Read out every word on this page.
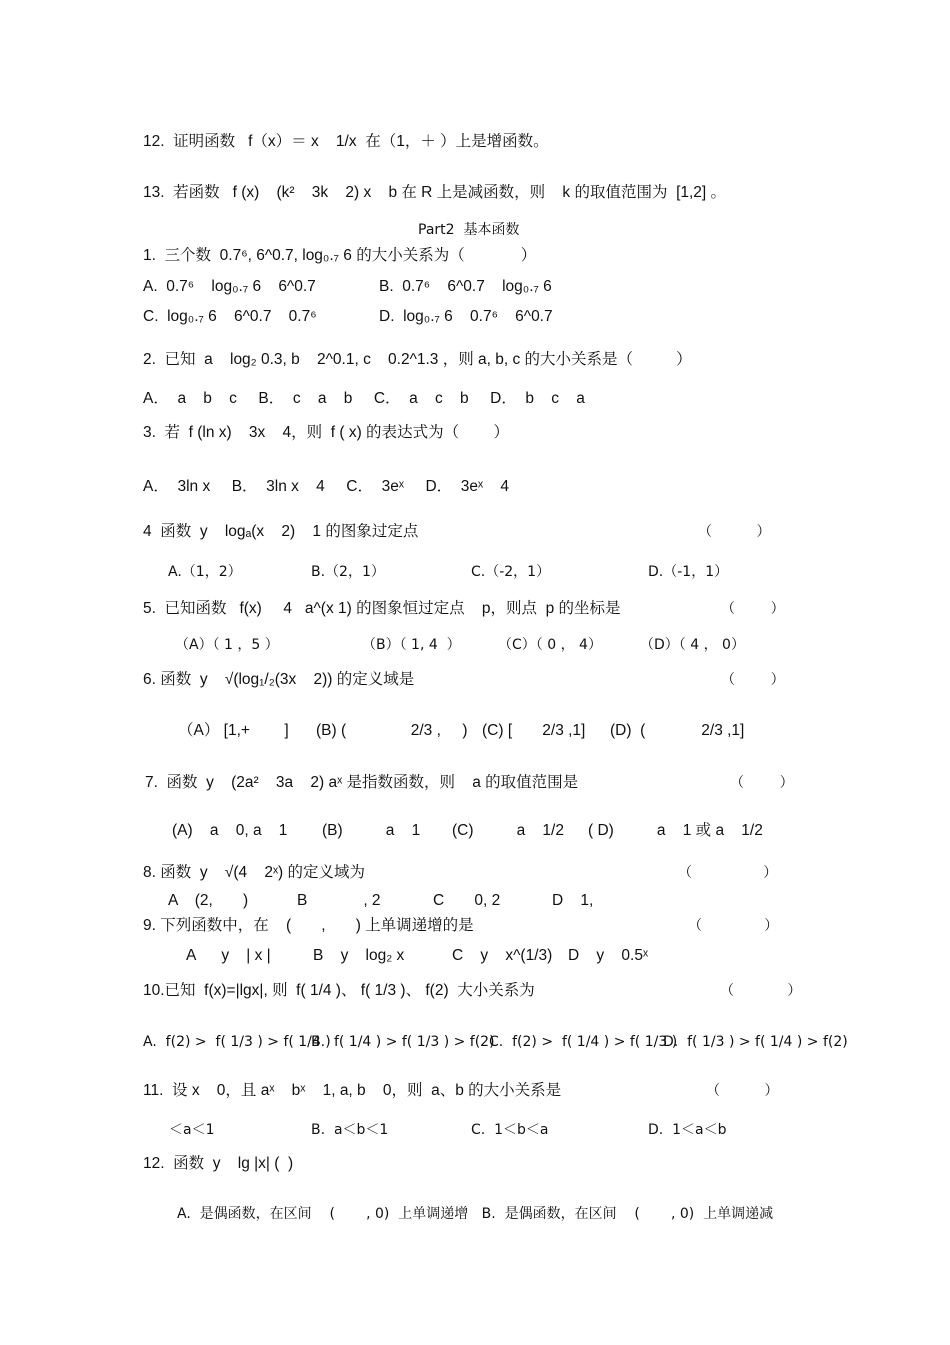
12.  证明函数   f（x）＝ x    1/x  在（1，＋ ）上是增函数。
13.  若函数   f (x)    (k²    3k    2) x    b 在 R 上是减函数，则    k 的取值范围为  [1,2] 。
Part2  基本函数
1.  三个数  0.7⁶, 6^0.7, log₀.₇ 6 的大小关系为（             ）
A.  0.7⁶    log₀.₇ 6    6^0.7	B.  0.7⁶    6^0.7    log₀.₇ 6
C.  log₀.₇ 6    6^0.7    0.7⁶	D.  log₀.₇ 6    0.7⁶    6^0.7
2.  已知  a    log₂ 0.3, b    2^0.1, c    0.2^1.3 ，则 a, b, c 的大小关系是（          ）
A．  a    b    c     B．  c    a    b     C．  a    c    b     D．  b    c    a
3.  若  f (ln x)    3x    4，则  f ( x) 的表达式为（        ）
A．  3ln x     B．  3ln x    4     C．  3eˣ     D．  3eˣ    4
4  函数  y    logₐ(x    2)    1 的图象过定点	（          ）
A.（1，2）	B.（2，1）	C.（-2，1）	D.（-1，1）
5.  已知函数   f(x)     4   a^(x 1) 的图象恒过定点    p，则点  p 的坐标是	（        ）
（A）（ 1 ，5 ）	（B）（ 1, 4  ）	（C）（ 0 ， 4）	（D）（ 4 ， 0）
6. 函数  y    √(log₁/₂(3x    2)) 的定义域是	（        ）
（A） [1,+        ] (B) (               2/3 ,     ) (C) [       2/3 ,1] (D)  (             2/3 ,1]
7.  函数  y    (2a²    3a    2) aˣ 是指数函数，则    a 的取值范围是	（        ）
(A)    a    0, a    1 (B)          a    1 (C)          a    1/2 ( D)          a    1 或 a    1/2
8. 函数  y    √(4    2ˣ) 的定义域为	（                ）
A    (2,       )	B             , 2	C       0, 2	D    1,
9. 下列函数中，在    (       ,       ) 上单调递增的是	（              ）
A      y    | x |	B    y    log₂ x	C    y    x^(1/3) D    y    0.5ˣ
10.已知  f(x)=|lgx|, 则  f( 1/4 )、 f( 1/3 )、 f(2)  大小关系为	（            ）
A.  f(2) >  f( 1/3 ) > f( 1/4 )
B.  f( 1/4 ) > f( 1/3 ) > f(2)
C.  f(2) >  f( 1/4 ) > f( 1/3 )
D.  f( 1/3 ) > f( 1/4 ) > f(2)
11.  设 x    0，且 aˣ    bˣ    1, a, b    0，则  a、b 的大小关系是	（          ）
＜a＜1	B.  a＜b＜1	C.  1＜b＜a	D.  1＜a＜b
12.  函数  y    lg |x| (  )
A.  是偶函数，在区间    (       , 0)  上单调递增   B.  是偶函数，在区间    (       , 0)  上单调递减
